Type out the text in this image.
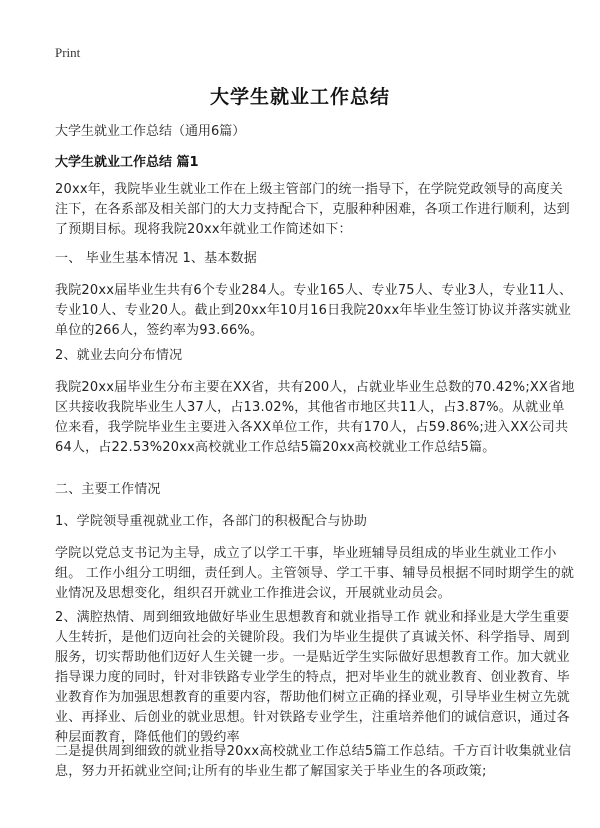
Print
大学生就业工作总结
大学生就业工作总结（通用6篇）
大学生就业工作总结 篇1
20xx年，我院毕业生就业工作在上级主管部门的统一指导下，在学院党政领导的高度关注下，在各系部及相关部门的大力支持配合下，克服种种困难，各项工作进行顺利，达到了预期目标。现将我院20xx年就业工作简述如下：
一、 毕业生基本情况 1、基本数据
我院20xx届毕业生共有6个专业284人。专业165人、专业75人、专业3人，专业11人、专业10人、专业20人。截止到20xx年10月16日我院20xx年毕业生签订协议并落实就业单位的266人，签约率为93.66%。
2、就业去向分布情况
我院20xx届毕业生分布主要在XX省，共有200人，占就业毕业生总数的70.42%;XX省地区共接收我院毕业生人37人，占13.02%，其他省市地区共11人，占3.87%。从就业单位来看，我学院毕业生主要进入各XX单位工作，共有170人，占59.86%;进入XX公司共64人，占22.53%20xx高校就业工作总结5篇20xx高校就业工作总结5篇。
二、主要工作情况
1、学院领导重视就业工作，各部门的积极配合与协助
学院以党总支书记为主导，成立了以学工干事，毕业班辅导员组成的毕业生就业工作小组。 工作小组分工明细，责任到人。主管领导、学工干事、辅导员根据不同时期学生的就业情况及思想变化，组织召开就业工作推进会议，开展就业动员会。
2、满腔热情、周到细致地做好毕业生思想教育和就业指导工作 就业和择业是大学生重要人生转折，是他们迈向社会的关键阶段。我们为毕业生提供了真诚关怀、科学指导、周到服务，切实帮助他们迈好人生关键一步。一是贴近学生实际做好思想教育工作。加大就业指导课力度的同时，针对非铁路专业学生的特点，把对毕业生的就业教育、创业教育、毕业教育作为加强思想教育的重要内容，帮助他们树立正确的择业观，引导毕业生树立先就业、再择业、后创业的就业思想。针对铁路专业学生，注重培养他们的诚信意识，通过各种层面教育，降低他们的毁约率
二是提供周到细致的就业指导20xx高校就业工作总结5篇工作总结。千方百计收集就业信息，努力开拓就业空间;让所有的毕业生都了解国家关于毕业生的各项政策;
